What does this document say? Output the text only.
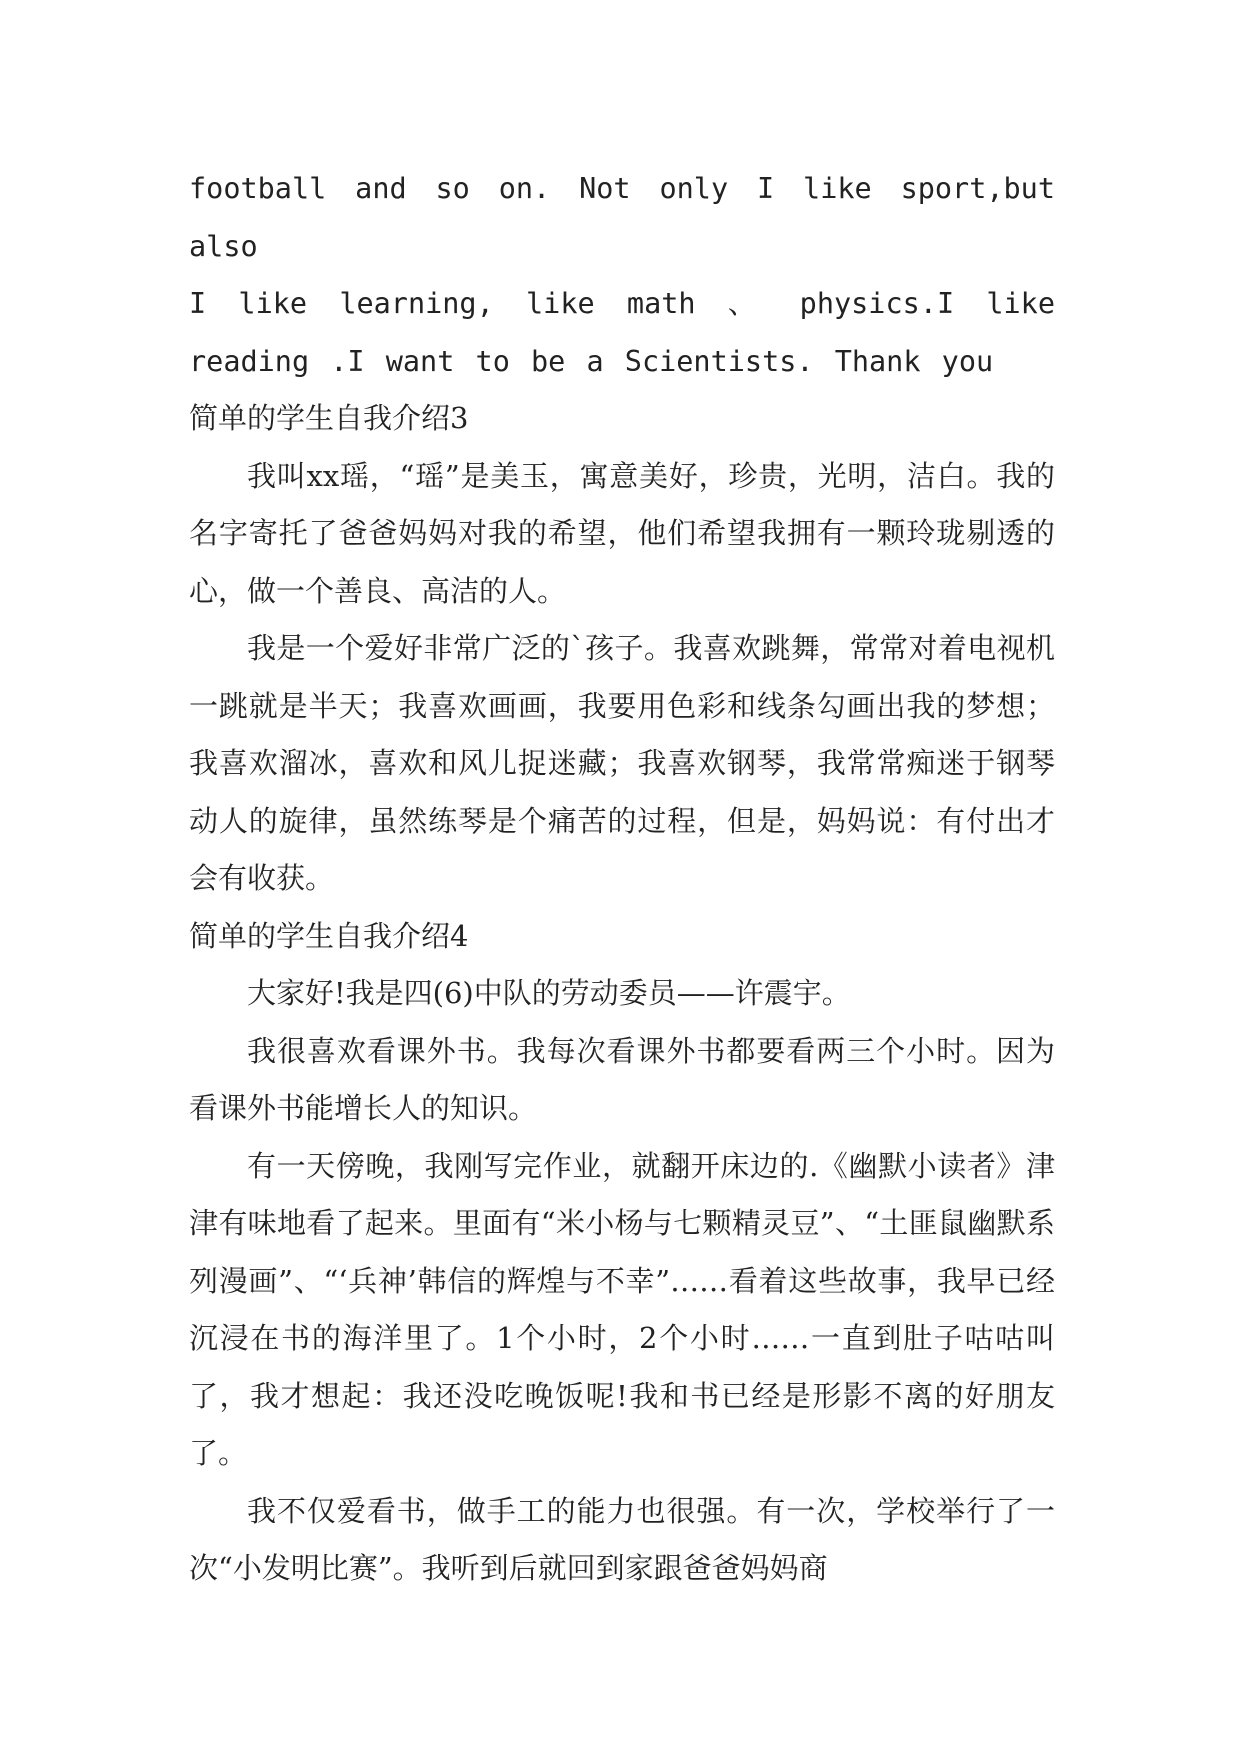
football and so on. Not only I like sport,but also

I like learning, like math 、 physics.I like

reading .I want to be a Scientists. Thank you

简单的学生自我介绍3

我叫xx瑶，“瑶”是美玉，寓意美好，珍贵，光明，洁白。我的名字寄托了爸爸妈妈对我的希望，他们希望我拥有一颗玲珑剔透的心，做一个善良、高洁的人。

我是一个爱好非常广泛的`孩子。我喜欢跳舞，常常对着电视机一跳就是半天；我喜欢画画，我要用色彩和线条勾画出我的梦想；我喜欢溜冰，喜欢和风儿捉迷藏；我喜欢钢琴，我常常痴迷于钢琴动人的旋律，虽然练琴是个痛苦的过程，但是，妈妈说：有付出才会有收获。

简单的学生自我介绍4

大家好!我是四(6)中队的劳动委员——许震宇。

我很喜欢看课外书。我每次看课外书都要看两三个小时。因为看课外书能增长人的知识。

有一天傍晚，我刚写完作业，就翻开床边的.《幽默小读者》津津有味地看了起来。里面有“米小杨与七颗精灵豆”、“土匪鼠幽默系列漫画”、“‘兵神’韩信的辉煌与不幸”……看着这些故事，我早已经沉浸在书的海洋里了。1个小时，2个小时……一直到肚子咕咕叫了，我才想起：我还没吃晚饭呢!我和书已经是形影不离的好朋友了。

我不仅爱看书，做手工的能力也很强。有一次，学校举行了一次“小发明比赛”。我听到后就回到家跟爸爸妈妈商
